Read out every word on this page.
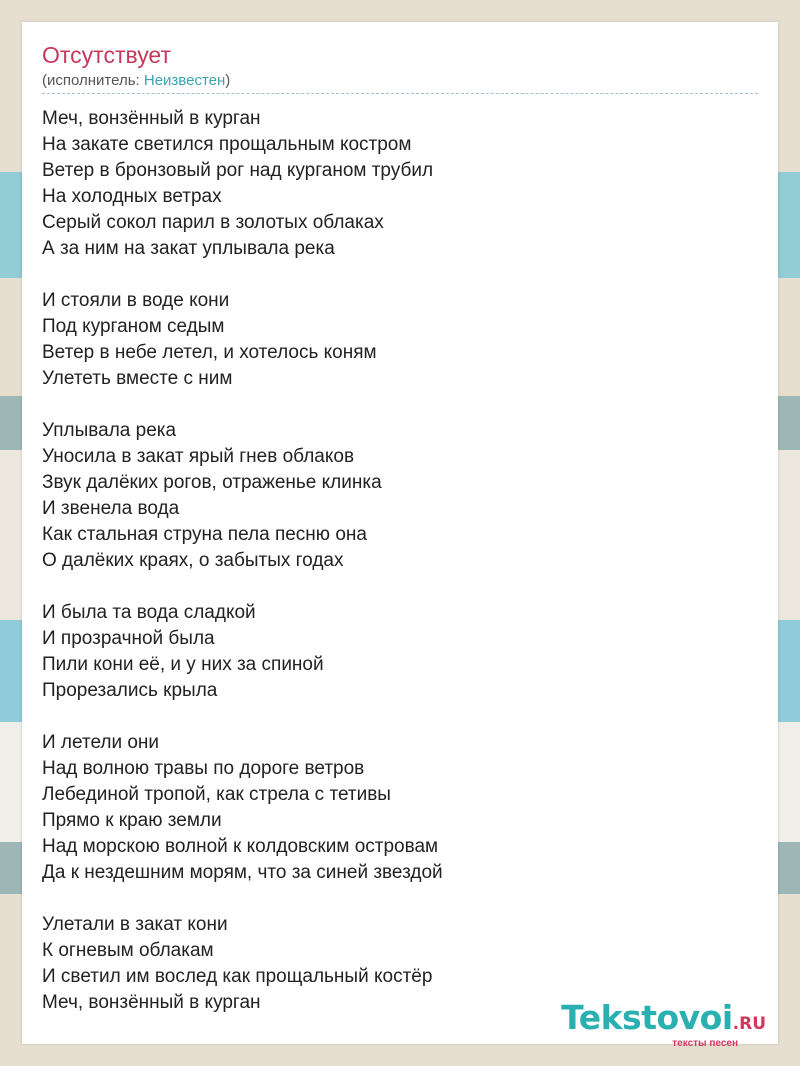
Отсутствует
(исполнитель: Неизвестен)
Меч, вонзённый в курган
На закате светился прощальным костром
Ветер в бронзовый рог над курганом трубил
На холодных ветрах
Серый сокол парил в золотых облаках
А за ним на закат уплывала река
И стояли в воде кони
Под курганом седым
Ветер в небе летел, и хотелось коням
Улететь вместе с ним
Уплывала река
Уносила в закат ярый гнев облаков
Звук далёких рогов, отраженье клинка
И звенела вода
Как стальная струна пела песню она
О далёких краях, о забытых годах
И была та вода сладкой
И прозрачной была
Пили кони её, и у них за спиной
Прорезались крыла
И летели они
Над волною травы по дороге ветров
Лебединой тропой, как стрела с тетивы
Прямо к краю земли
Над морскою волной к колдовским островам
Да к нездешним морям, что за синей звездой
Улетали в закат кони
К огневым облакам
И светил им вослед как прощальный костёр
Меч, вонзённый в курган	Tekstovoi.RU
тексты песен
